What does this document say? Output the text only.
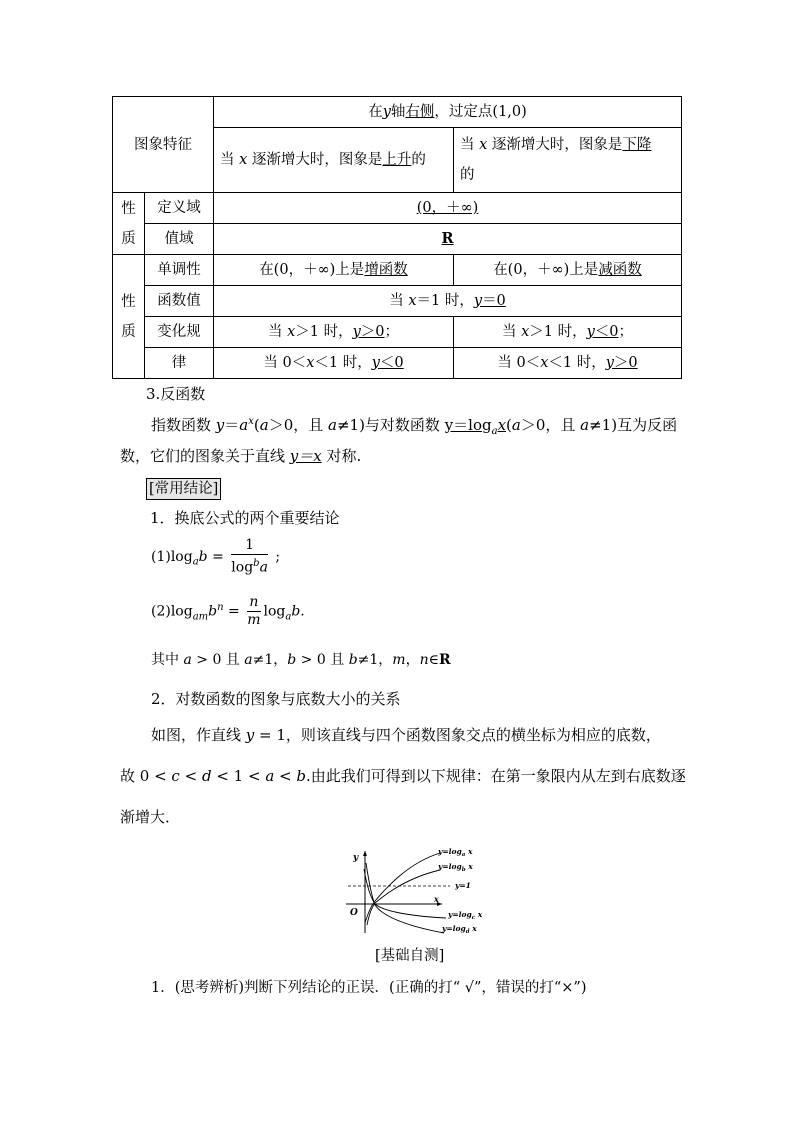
图象特征		在y轴右侧，过定点(1,0)	
		当 x 逐渐增大时，图象是上升的	当 x 逐渐增大时，图象是下降
的
性
质	定义域	(0，＋∞)	
	值域	R	
性
质	单调性	在(0，＋∞)上是增函数	在(0，＋∞)上是减函数
	函数值	当 x＝1 时，y＝0	
	变化规	当 x＞1 时，y＞0；	当 x＞1 时，y＜0；
	律	当 0＜x＜1 时，y＜0	当 0＜x＜1 时，y＞0
3.反函数
指数函数 $y=a^x(a>0$，且 a≠1)与对数函数 $y=\log_ax(a>0$，且 a≠1)互为反函
数，它们的图象关于直线 y＝x 对称.
[常用结论]
1．换底公式的两个重要结论
$(1)\log_ab = \frac{1}{\log^ba}$ ;
$(2)\log_{am}b^n = \frac{n}{m} \log_ab$.
其中 a > 0 且 a≠1，b > 0 且 b≠1，m，n∈R
2．对数函数的图象与底数大小的关系
如图，作直线 y = 1，则该直线与四个函数图象交点的横坐标为相应的底数，
故 0 < c < d < 1 < a < b.由此我们可得到以下规律：在第一象限内从左到右底数逐
渐增大．
y
x
O
$y=\log_a$ x
$y=\log_b$ x
y=1
$y=\log_c$ x
$y=\log_d$ x
[基础自测]
1．(思考辨析)判断下列结论的正误．(正确的打“ √”，错误的打“×”)
